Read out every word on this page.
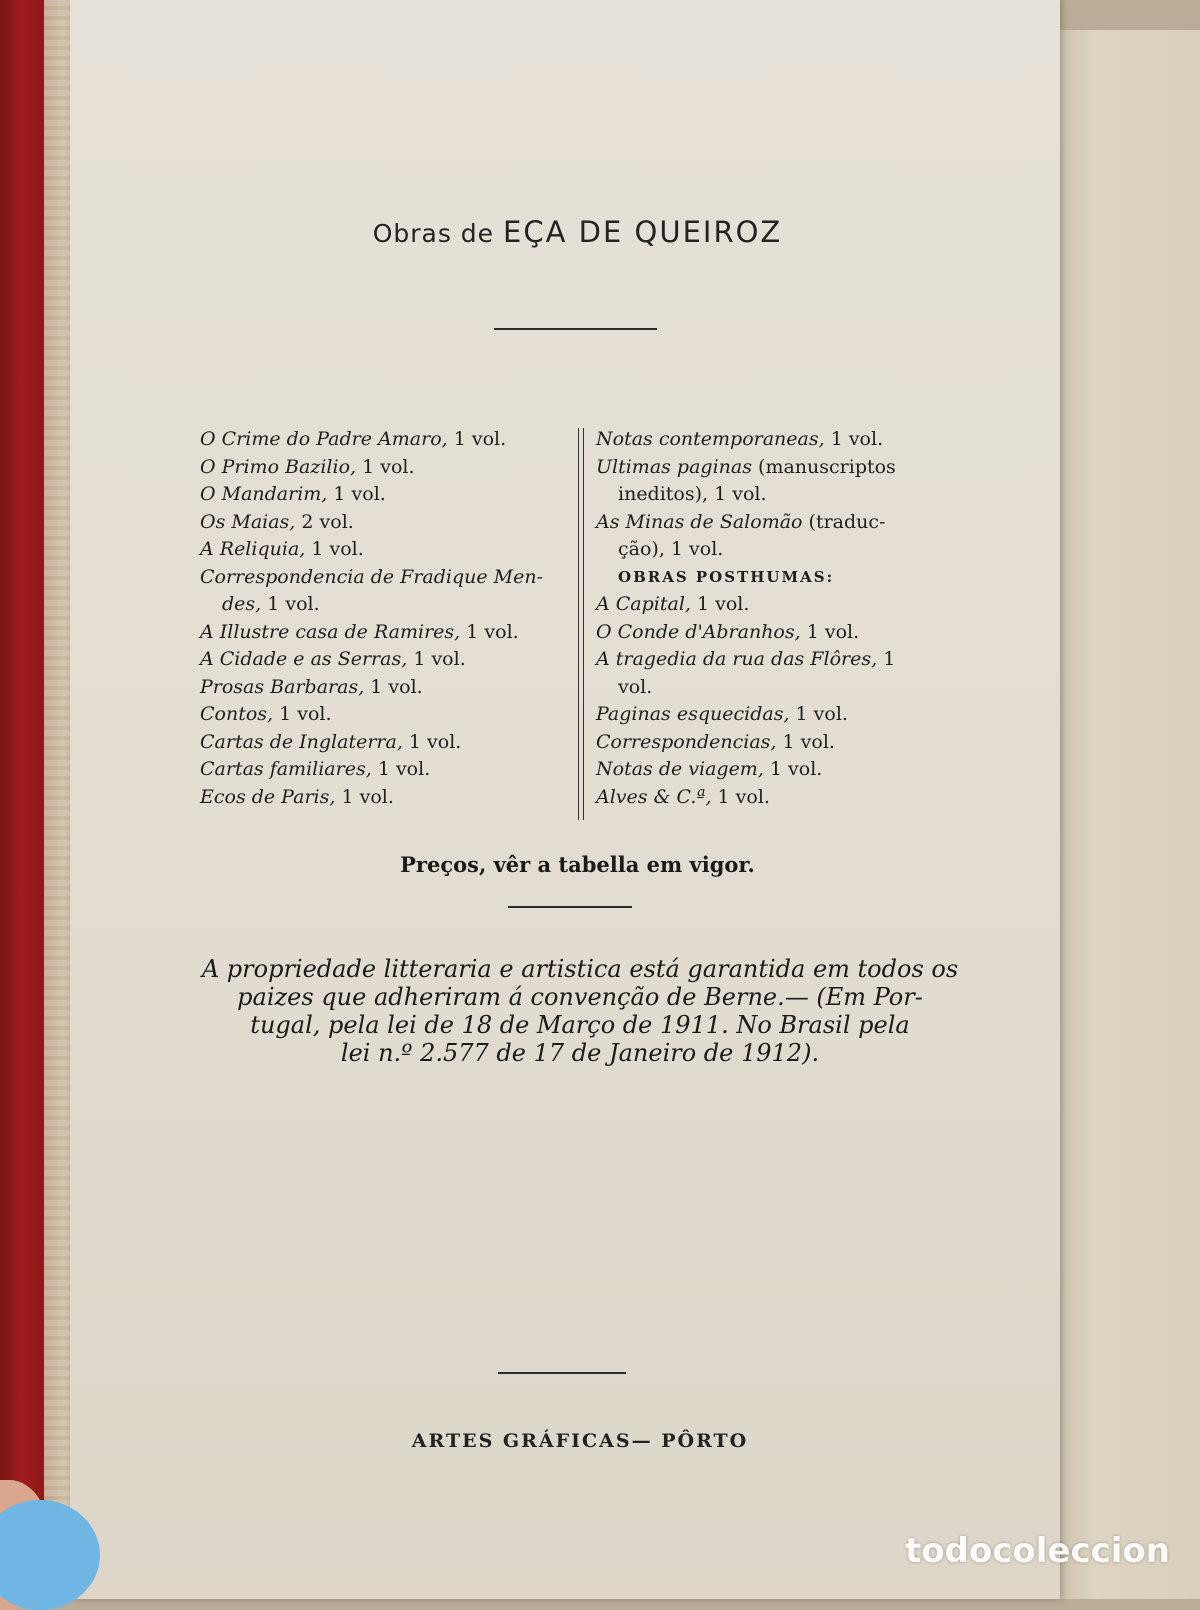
Obras de EÇA DE QUEIROZ
O Crime do Padre Amaro, 1 vol.
O Primo Bazilio, 1 vol.
O Mandarim, 1 vol.
Os Maias, 2 vol.
A Reliquia, 1 vol.
Correspondencia de Fradique Men-
des, 1 vol.
A Illustre casa de Ramires, 1 vol.
A Cidade e as Serras, 1 vol.
Prosas Barbaras, 1 vol.
Contos, 1 vol.
Cartas de Inglaterra, 1 vol.
Cartas familiares, 1 vol.
Ecos de Paris, 1 vol.
Notas contemporaneas, 1 vol.
Ultimas paginas (manuscriptos
ineditos), 1 vol.
As Minas de Salomão (traduc-
ção), 1 vol.
OBRAS POSTHUMAS:
A Capital, 1 vol.
O Conde d'Abranhos, 1 vol.
A tragedia da rua das Flôres, 1
vol.
Paginas esquecidas, 1 vol.
Correspondencias, 1 vol.
Notas de viagem, 1 vol.
Alves & C.ª, 1 vol.
Preços, vêr a tabella em vigor.
A propriedade litteraria e artistica está garantida em todos os
paizes que adheriram á convenção de Berne.— (Em Por-
tugal, pela lei de 18 de Março de 1911. No Brasil pela
lei n.º 2.577 de 17 de Janeiro de 1912).
ARTES GRÁFICAS— PÔRTO
todocoleccion
